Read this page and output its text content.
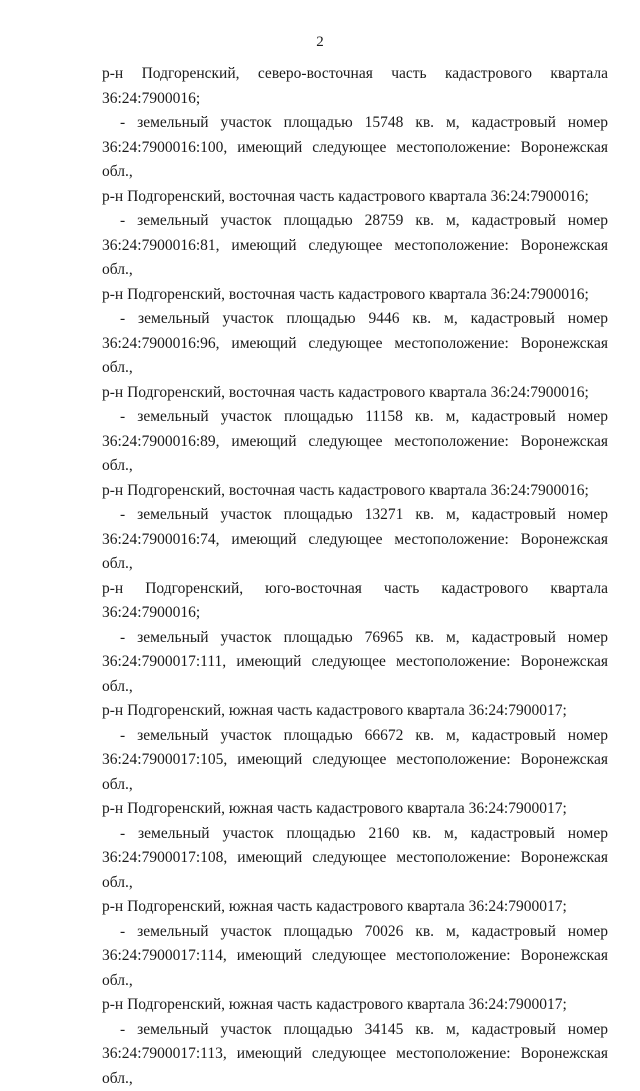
2

р-н Подгоренский, северо-восточная часть кадастрового квартала
36:24:7900016;

- земельный участок площадью 15748 кв. м, кадастровый номер
36:24:7900016:100, имеющий следующее местоположение: Воронежская обл.,
р-н Подгоренский, восточная часть кадастрового квартала 36:24:7900016;

- земельный участок площадью 28759 кв. м, кадастровый номер
36:24:7900016:81, имеющий следующее местоположение: Воронежская обл.,
р-н Подгоренский, восточная часть кадастрового квартала 36:24:7900016;

- земельный участок площадью 9446 кв. м, кадастровый номер
36:24:7900016:96, имеющий следующее местоположение: Воронежская обл.,
р-н Подгоренский, восточная часть кадастрового квартала 36:24:7900016;

- земельный участок площадью 11158 кв. м, кадастровый номер
36:24:7900016:89, имеющий следующее местоположение: Воронежская обл.,
р-н Подгоренский, восточная часть кадастрового квартала 36:24:7900016;

- земельный участок площадью 13271 кв. м, кадастровый номер
36:24:7900016:74, имеющий следующее местоположение: Воронежская обл.,
р-н Подгоренский, юго-восточная часть кадастрового квартала
36:24:7900016;

- земельный участок площадью 76965 кв. м, кадастровый номер
36:24:7900017:111, имеющий следующее местоположение: Воронежская обл.,
р-н Подгоренский, южная часть кадастрового квартала 36:24:7900017;

- земельный участок площадью 66672 кв. м, кадастровый номер
36:24:7900017:105, имеющий следующее местоположение: Воронежская обл.,
р-н Подгоренский, южная часть кадастрового квартала 36:24:7900017;

- земельный участок площадью 2160 кв. м, кадастровый номер
36:24:7900017:108, имеющий следующее местоположение: Воронежская обл.,
р-н Подгоренский, южная часть кадастрового квартала 36:24:7900017;

- земельный участок площадью 70026 кв. м, кадастровый номер
36:24:7900017:114, имеющий следующее местоположение: Воронежская обл.,
р-н Подгоренский, южная часть кадастрового квартала 36:24:7900017;

- земельный участок площадью 34145 кв. м, кадастровый номер
36:24:7900017:113, имеющий следующее местоположение: Воронежская обл.,
